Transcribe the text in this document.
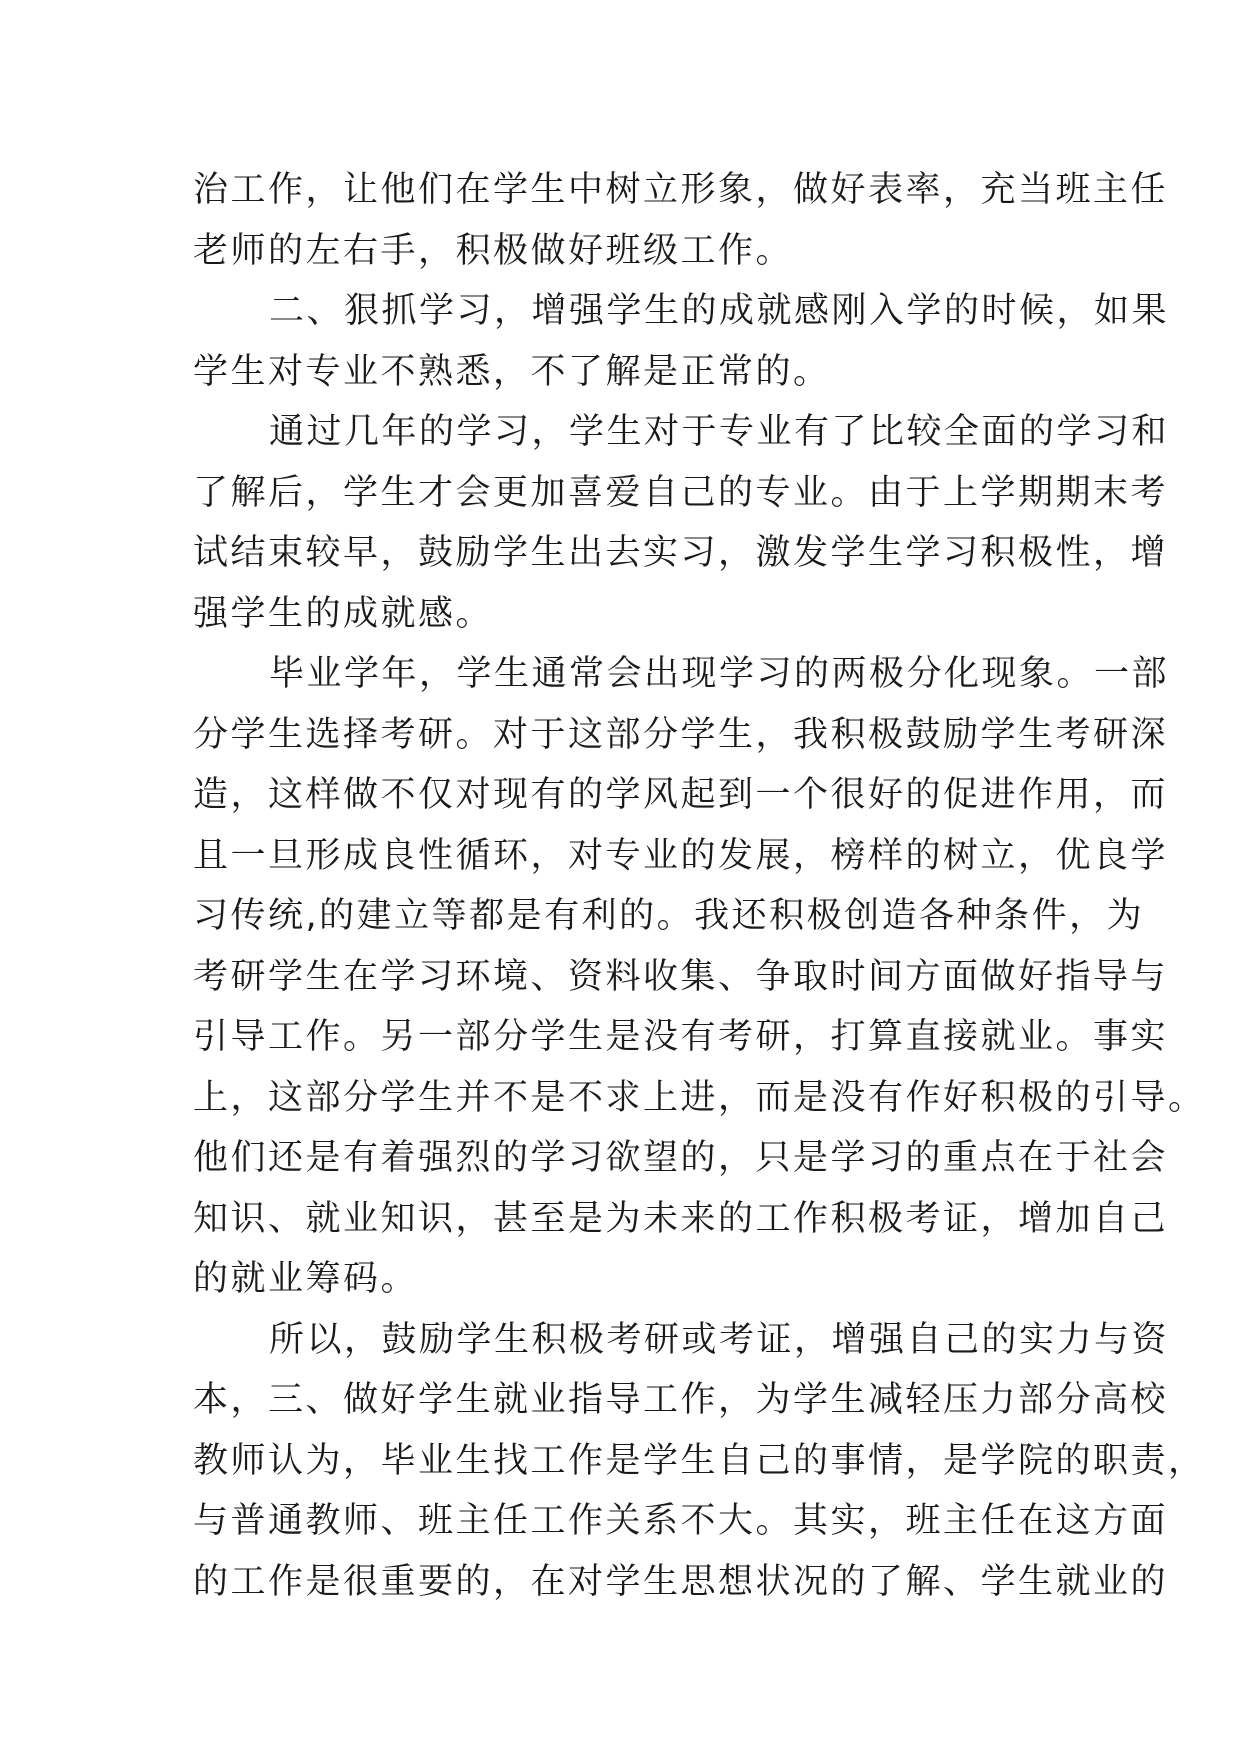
治工作，让他们在学生中树立形象，做好表率，充当班主任
老师的左右手，积极做好班级工作。
二、狠抓学习，增强学生的成就感刚入学的时候，如果
学生对专业不熟悉，不了解是正常的。
通过几年的学习，学生对于专业有了比较全面的学习和
了解后，学生才会更加喜爱自己的专业。由于上学期期末考
试结束较早，鼓励学生出去实习，激发学生学习积极性，增
强学生的成就感。
毕业学年，学生通常会出现学习的两极分化现象。一部
分学生选择考研。对于这部分学生，我积极鼓励学生考研深
造，这样做不仅对现有的学风起到一个很好的促进作用，而
且一旦形成良性循环，对专业的发展，榜样的树立，优良学
习传统,的建立等都是有利的。我还积极创造各种条件，为
考研学生在学习环境、资料收集、争取时间方面做好指导与
引导工作。另一部分学生是没有考研，打算直接就业。事实
上，这部分学生并不是不求上进，而是没有作好积极的引导。
他们还是有着强烈的学习欲望的，只是学习的重点在于社会
知识、就业知识，甚至是为未来的工作积极考证，增加自己
的就业筹码。
所以，鼓励学生积极考研或考证，增强自己的实力与资
本，三、做好学生就业指导工作，为学生减轻压力部分高校
教师认为，毕业生找工作是学生自己的事情，是学院的职责，
与普通教师、班主任工作关系不大。其实，班主任在这方面
的工作是很重要的，在对学生思想状况的了解、学生就业的
